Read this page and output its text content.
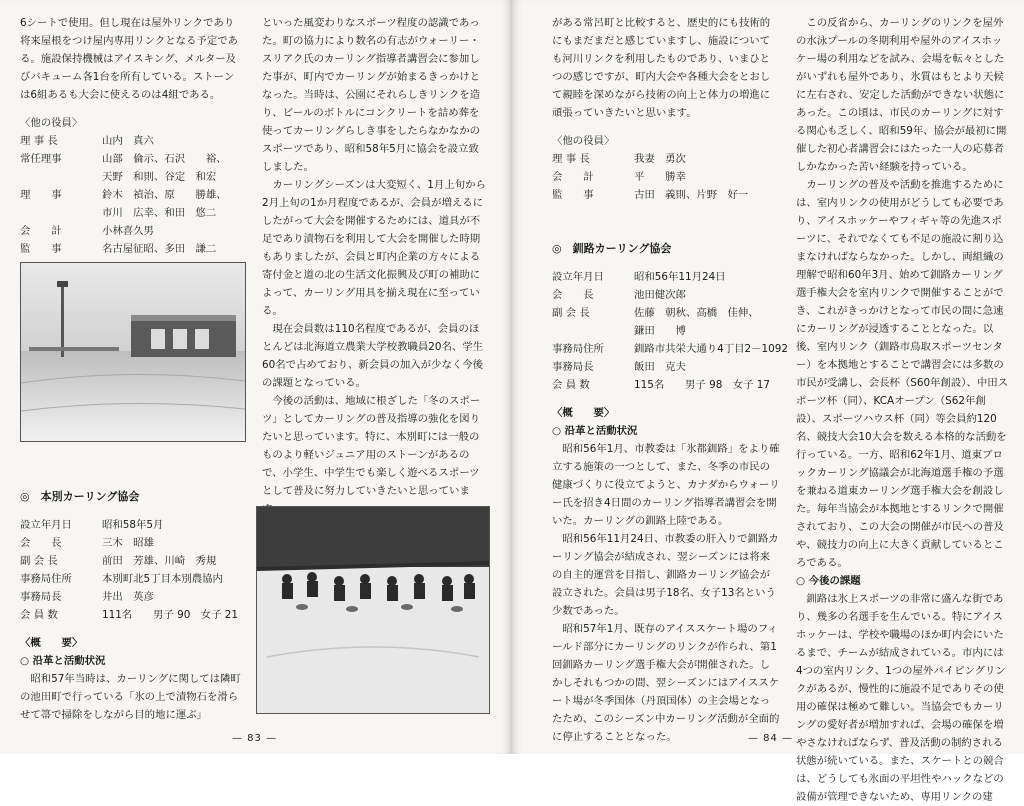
6シートで使用。但し現在は屋外リンクであり将来屋根をつけ屋内専用リンクとなる予定である。施設保持機械はアイスキング、メルター及びバキューム各1台を所有している。ストーンは6組あるも大会に使えるのは4組である。

〈他の役員〉

理 事 長	山内　真六
常任理事	山部　倫示、石沢　　裕、
天野　和則、谷定　和宏
理　　事	鈴木　禎治、原　　勝雄、
市川　広幸、和田　悠二
会　　計	小林喜久男
監　　事	名古屋征昭、多田　謙二

◎　本別カーリング協会

設立年月日	昭和58年5月
会　　長	三木　昭雄
副 会 長	前田　芳雄、川崎　秀規
事務局住所	本別町北5丁目本別農協内
事務局長	井出　英彦
会 員 数	111名　　男子 90　女子 21

〈概　　要〉

○ 沿革と活動状況

昭和57年当時は、カーリングに関しては隣町の池田町で行っている「氷の上で漬物石を滑らせて箒で掃除をしながら目的地に運ぶ」

といった風変わりなスポーツ程度の認識であった。町の協力により数名の有志がウォーリー・スリアク氏のカーリング指導者講習会に参加した事が、町内でカーリングが始まるきっかけとなった。当時は、公園にそれらしきリンクを造り、ビールのボトルにコンクリートを詰め葬を使ってカーリングらしき事をしたらなかなかのスポーツであり、昭和58年5月に協会を設立致しました。

カーリングシーズンは大変短く、1月上旬から2月上旬の1か月程度であるが、会員が増えるにしたがって大会を開催するためには、道具が不足であり漬物石を利用して大会を開催した時期もありましたが、会員と町内企業の方々による寄付金と道の北の生活文化振興及び町の補助によって、カーリング用具を揃え現在に至っている。

現在会員数は110名程度であるが、会員のほとんどは北海道立農業大学校教職員20名、学生60名で占めており、新会員の加入が少なく今後の課題となっている。

今後の活動は、地域に根ざした「冬のスポーツ」としてカーリングの普及指導の強化を図りたいと思っています。特に、本別町には一般のものより軽いジュニア用のストーンがあるので、小学生、中学生でも楽しく遊べるスポーツとして普及に努力していきたいと思っていま

— 83 —

がある常呂町と比較すると、歴史的にも技術的にもまだまだと感じていますし、施設についても河川リンクを利用したものであり、いまひとつの感じですが、町内大会や各種大会をとおして親睦を深めながら技術の向上と体力の増進に頑張っていきたいと思います。

〈他の役員〉

理 事 長	我妻　勇次
会　　計	平　　勝幸
監　　事	古田　義則、片野　好一

◎　釧路カーリング協会

設立年月日	昭和56年11月24日
会　　長	池田健次郎
副 会 長	佐藤　朝秋、高橋　佳伸、
鎌田　　博
事務局住所	釧路市共栄大通り4丁目2－1092
事務局長	飯田　克夫
会 員 数	115名　　男子 98　女子 17

〈概　　要〉

○ 沿革と活動状況

昭和56年1月、市教委は「氷都釧路」をより確立する施策の一つとして、また、冬季の市民の健康づくりに役立てようと、カナダからウォーリー氏を招き4日間のカーリング指導者講習会を開いた。カーリングの釧路上陸である。

昭和56年11月24日、市教委の肝入りで釧路カーリング協会が結成され、翌シーズンには将来の自主的運営を目指し、釧路カーリング協会が設立された。会員は男子18名、女子13名という少数であった。

昭和57年1月、既存のアイススケート場のフィールド部分にカーリングのリンクが作られ、第1回釧路カーリング選手権大会が開催された。しかしそれもつかの間、翌シーズンにはアイススケート場が冬季国体（丹頂国体）の主会場となったため、このシーズン中カーリング活動が全面的に停止することとなった。

この反省から、カーリングのリンクを屋外の水泳プールの冬期利用や屋外のアイスホッケー場の利用などを試み、会場を転々としたがいずれも屋外であり、氷質はもとより天候に左右され、安定した活動ができない状態にあった。この頃は、市民のカーリングに対する関心も乏しく、昭和59年、協会が最初に開催した初心者講習会にはたった一人の応募者しかなかった苦い経験を持っている。

カーリングの普及や活動を推進するためには、室内リンクの使用がどうしても必要であり、アイスホッケーやフィギャ等の先進スポーツに、それでなくても不足の施設に割り込まなければならなかった。しかし、両組織の理解で昭和60年3月、始めて釧路カーリング選手権大会を室内リンクで開催することができ、これがきっかけとなって市民の間に急速にカーリングが浸透することとなった。以後、室内リンク（釧路市鳥取スポーツセンター）を本拠地とすることで講習会には多数の市民が受講し、会長杯（S60年創設）、中田スポーツ杯（同）、KCAオープン（S62年創設）、スポーツハウス杯（同）等会員約120名、競技大会10大会を数える本格的な活動を行っている。一方、昭和62年1月、道東ブロックカーリング協議会が北海道選手権の予選を兼ねる道東カーリング選手権大会を創設した。毎年当協会が本拠地とするリンクで開催されており、この大会の開催が市民への普及や、競技力の向上に大きく貢献しているところである。

○ 今後の課題

釧路は氷上スポーツの非常に盛んな街であり、幾多の名選手を生んでいる。特にアイスホッケーは、学校や職場のほか町内会にいたるまで、チームが結成されている。市内には4つの室内リンク、1つの屋外パイピングリンクがあるが、慢性的に施設不足でありその使用の確保は極めて難しい。当協会でもカーリングの愛好者が増加すれば、会場の確保を増やさなければならず、普及活動の制約される状態が続いている。また、スケートとの競合は、どうしても氷面の平坦性やハックなどの設備が管理できないため、専用リンクの建

— 84 —
